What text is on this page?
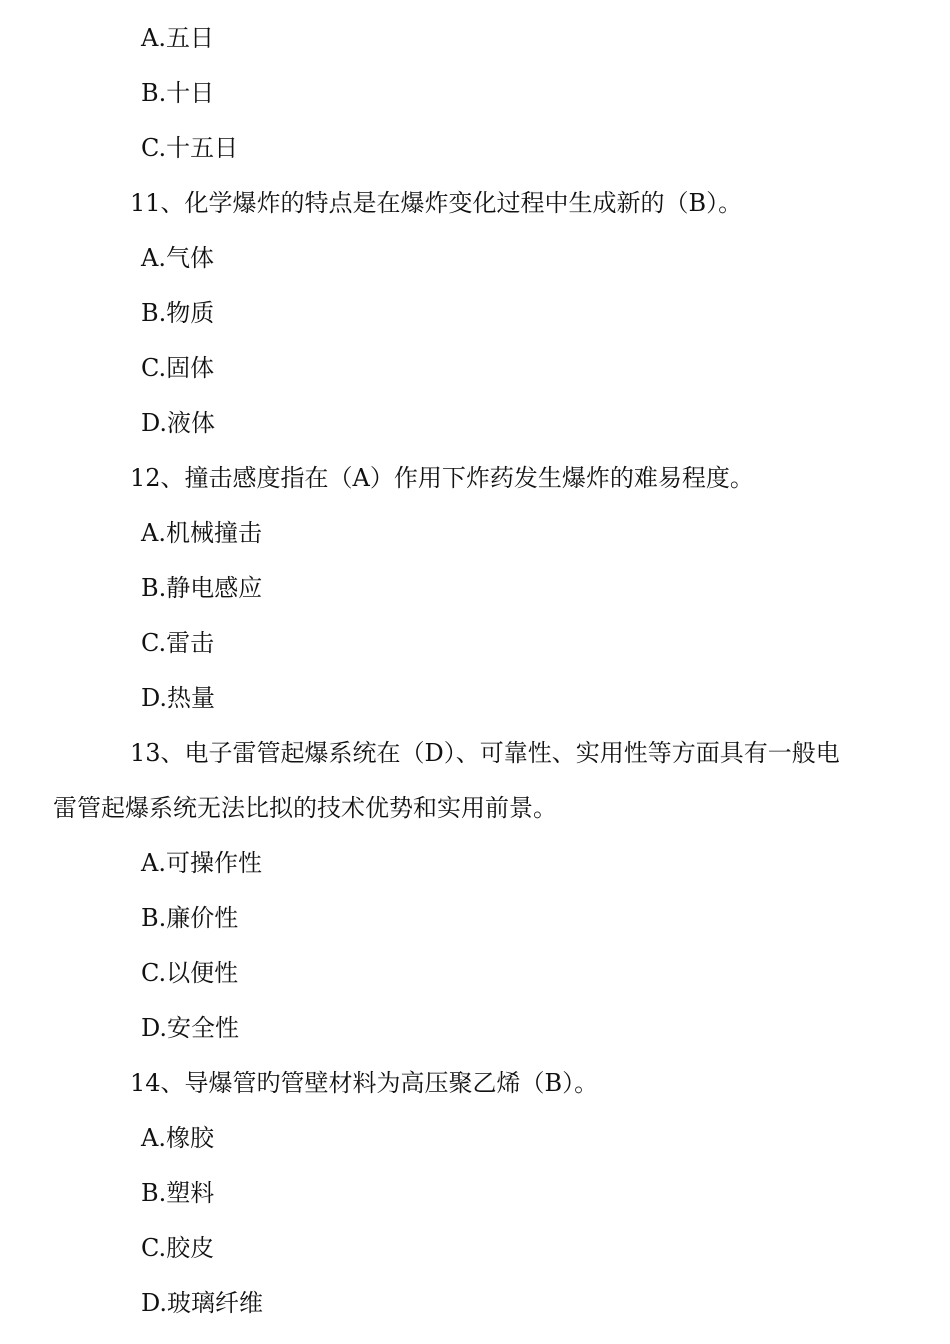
A.五日
B.十日
C.十五日
11、化学爆炸的特点是在爆炸变化过程中生成新的（B）。
A.气体
B.物质
C.固体
D.液体
12、撞击感度指在（A）作用下炸药发生爆炸的难易程度。
A.机械撞击
B.静电感应
C.雷击
D.热量
13、电子雷管起爆系统在（D）、可靠性、实用性等方面具有一般电
雷管起爆系统无法比拟的技术优势和实用前景。
A.可操作性
B.廉价性
C.以便性
D.安全性
14、导爆管旳管壁材料为高压聚乙烯（B）。
A.橡胶
B.塑料
C.胶皮
D.玻璃纤维
